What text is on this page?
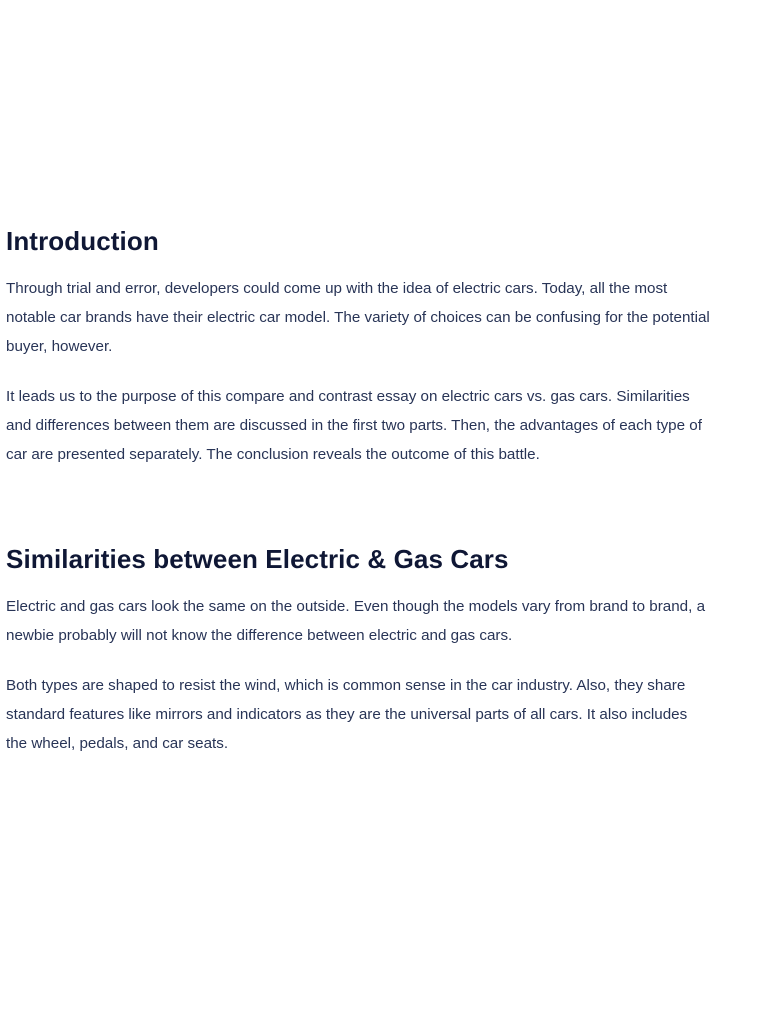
Introduction

Through trial and error, developers could come up with the idea of electric cars. Today, all the most notable car brands have their electric car model. The variety of choices can be confusing for the potential buyer, however.

It leads us to the purpose of this compare and contrast essay on electric cars vs. gas cars. Similarities and differences between them are discussed in the first two parts. Then, the advantages of each type of car are presented separately. The conclusion reveals the outcome of this battle.

Similarities between Electric & Gas Cars

Electric and gas cars look the same on the outside. Even though the models vary from brand to brand, a newbie probably will not know the difference between electric and gas cars.

Both types are shaped to resist the wind, which is common sense in the car industry. Also, they share standard features like mirrors and indicators as they are the universal parts of all cars. It also includes the wheel, pedals, and car seats.
